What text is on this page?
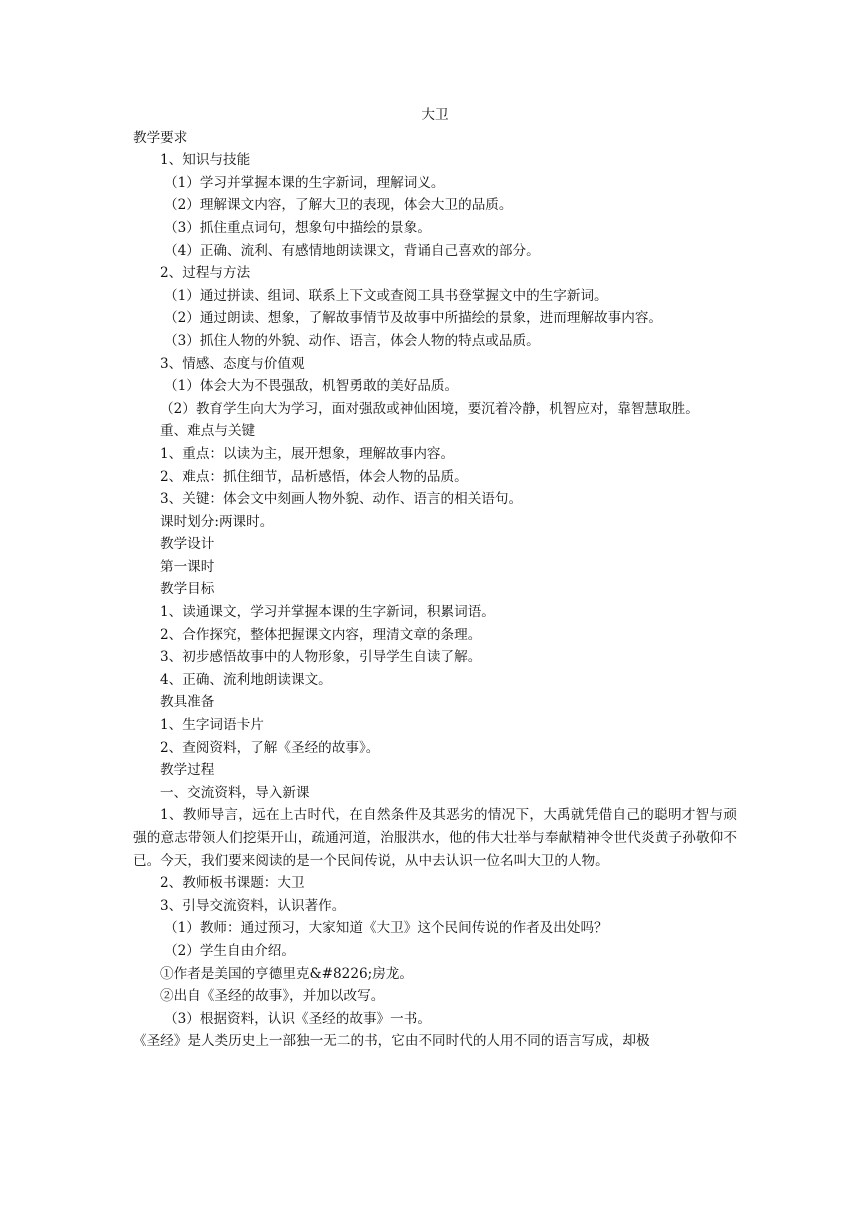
大卫

教学要求

1、知识与技能

（1）学习并掌握本课的生字新词，理解词义。

（2）理解课文内容，了解大卫的表现，体会大卫的品质。

（3）抓住重点词句，想象句中描绘的景象。

（4）正确、流利、有感情地朗读课文，背诵自己喜欢的部分。

2、过程与方法

（1）通过拼读、组词、联系上下文或查阅工具书登掌握文中的生字新词。

（2）通过朗读、想象，了解故事情节及故事中所描绘的景象，进而理解故事内容。

（3）抓住人物的外貌、动作、语言，体会人物的特点或品质。

3、情感、态度与价值观

（1）体会大为不畏强敌，机智勇敢的美好品质。

（2）教育学生向大为学习，面对强敌或神仙困境，要沉着冷静，机智应对，靠智慧取胜。

重、难点与关键

1、重点：以读为主，展开想象，理解故事内容。

2、难点：抓住细节，品析感悟，体会人物的品质。

3、关键：体会文中刻画人物外貌、动作、语言的相关语句。

课时划分:两课时。

教学设计

第一课时

教学目标

1、读通课文，学习并掌握本课的生字新词，积累词语。

2、合作探究，整体把握课文内容，理清文章的条理。

3、初步感悟故事中的人物形象，引导学生自读了解。

4、正确、流利地朗读课文。

教具准备

1、生字词语卡片

2、查阅资料，了解《圣经的故事》。

教学过程

一、交流资料，导入新课

1、教师导言，远在上古时代，在自然条件及其恶劣的情况下，大禹就凭借自己的聪明才智与顽强的意志带领人们挖渠开山，疏通河道，治服洪水，他的伟大壮举与奉献精神令世代炎黄子孙敬仰不已。今天，我们要来阅读的是一个民间传说，从中去认识一位名叫大卫的人物。

2、教师板书课题：大卫

3、引导交流资料，认识著作。

（1）教师：通过预习，大家知道《大卫》这个民间传说的作者及出处吗？

（2）学生自由介绍。

①作者是美国的亨德里克&#8226;房龙。

②出自《圣经的故事》，并加以改写。

（3）根据资料，认识《圣经的故事》一书。

《圣经》是人类历史上一部独一无二的书，它由不同时代的人用不同的语言写成，却极
